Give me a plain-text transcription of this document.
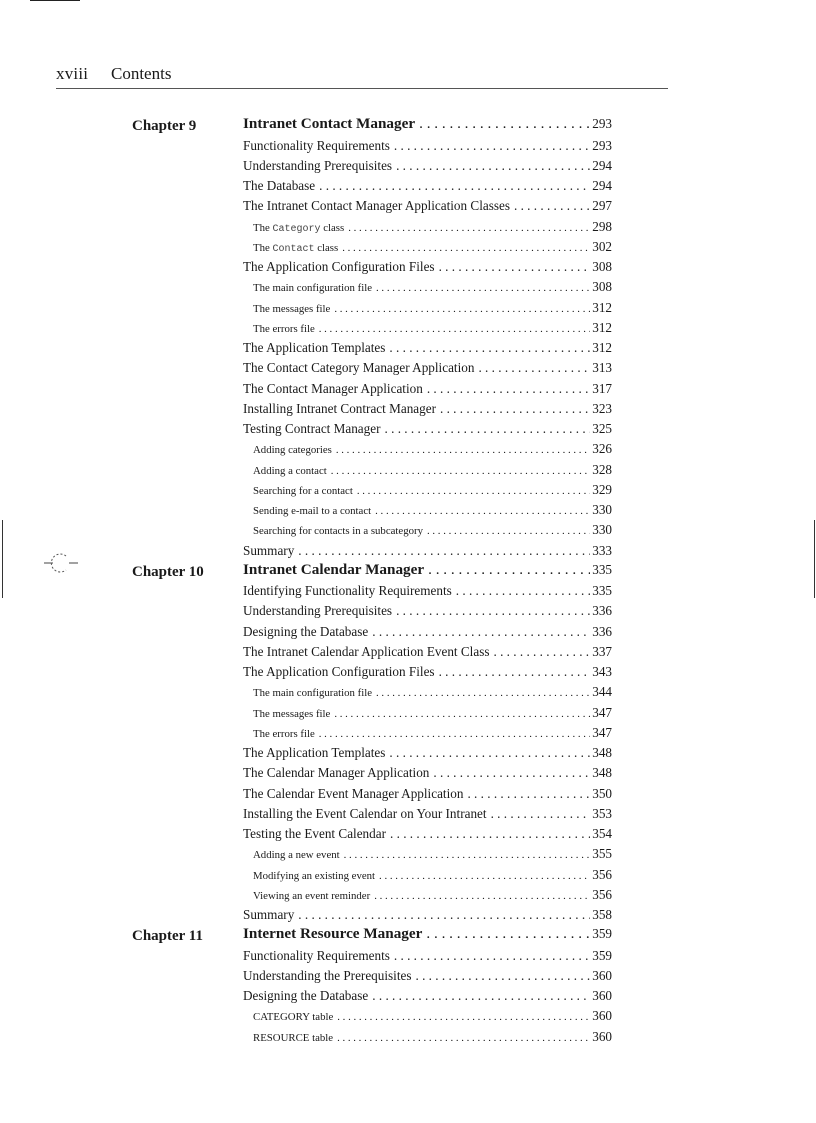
xviii Contents
Chapter 9	Intranet Contact Manager . . .	293
Functionality Requirements . . .	293
Understanding Prerequisites . . .	294
The Database . . .	294
The Intranet Contact Manager Application Classes . . .	297
The Category class . . .	298
The Contact class . . .	302
The Application Configuration Files . . .	308
The main configuration file . . .	308
The messages file . . .	312
The errors file . . .	312
The Application Templates . . .	312
The Contact Category Manager Application . . .	313
The Contact Manager Application . . .	317
Installing Intranet Contract Manager . . .	323
Testing Contract Manager . . .	325
Adding categories . . .	326
Adding a contact . . .	328
Searching for a contact . . .	329
Sending e-mail to a contact . . .	330
Searching for contacts in a subcategory . . .	330
Summary . . .	333
Chapter 10	Intranet Calendar Manager . . .	335
Identifying Functionality Requirements . . .	335
Understanding Prerequisites . . .	336
Designing the Database . . .	336
The Intranet Calendar Application Event Class . . .	337
The Application Configuration Files . . .	343
The main configuration file . . .	344
The messages file . . .	347
The errors file . . .	347
The Application Templates . . .	348
The Calendar Manager Application . . .	348
The Calendar Event Manager Application . . .	350
Installing the Event Calendar on Your Intranet . . .	353
Testing the Event Calendar . . .	354
Adding a new event . . .	355
Modifying an existing event . . .	356
Viewing an event reminder . . .	356
Summary . . .	358
Chapter 11	Internet Resource Manager . . .	359
Functionality Requirements . . .	359
Understanding the Prerequisites . . .	360
Designing the Database . . .	360
CATEGORY table . . .	360
RESOURCE table . . .	360
